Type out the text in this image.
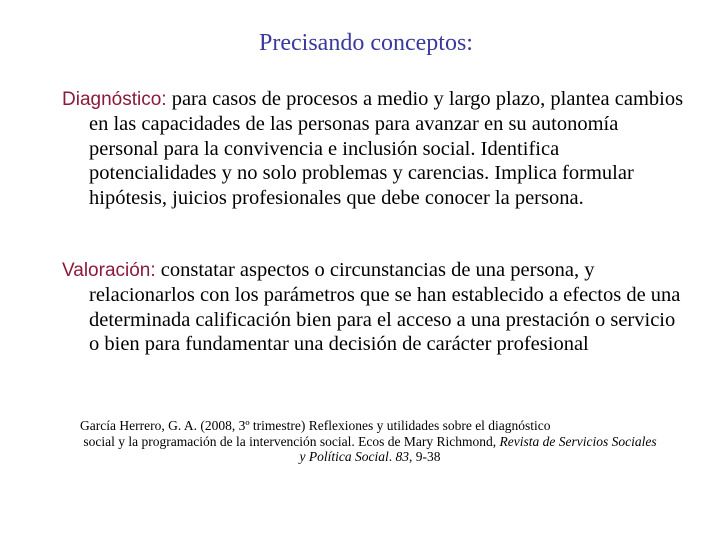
Precisando conceptos:
Diagnóstico: para casos de procesos a medio y largo plazo, plantea cambios en las capacidades de las personas para avanzar en su autonomía personal para la convivencia e inclusión social. Identifica potencialidades y no solo problemas y carencias. Implica formular hipótesis, juicios profesionales que debe conocer la persona.
Valoración: constatar aspectos o circunstancias de una persona, y relacionarlos con los parámetros que se han establecido a efectos de una determinada calificación bien para el acceso a una prestación o servicio o bien para fundamentar una decisión de carácter profesional
García Herrero, G. A. (2008, 3º trimestre) Reflexiones y utilidades sobre el diagnóstico
social y la programación de la intervención social. Ecos de Mary Richmond, Revista de Servicios Sociales y Política Social. 83, 9-38
